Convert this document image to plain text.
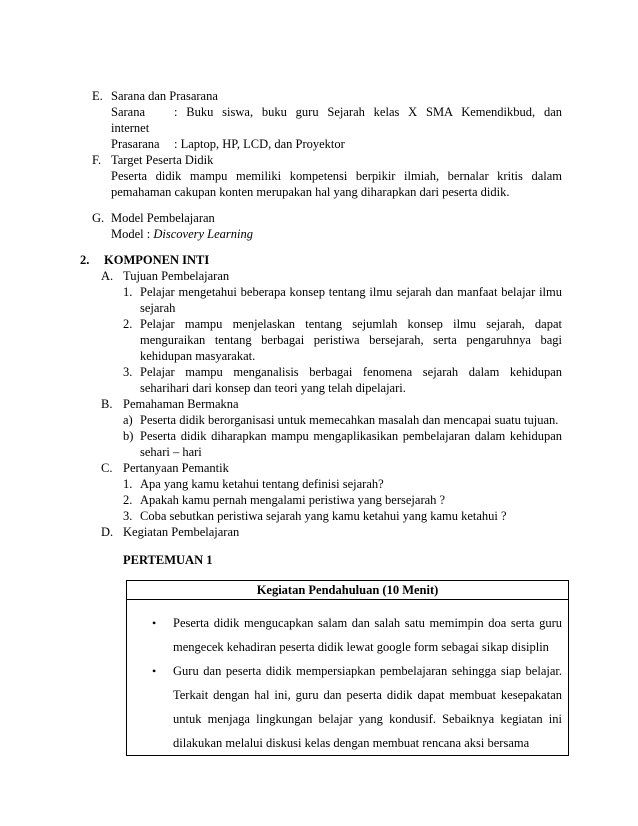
E. Sarana dan Prasarana
Sarana : Buku siswa, buku guru Sejarah kelas X SMA Kemendikbud, dan
internet
Prasarana : Laptop, HP, LCD, dan Proyektor
F. Target Peserta Didik
Peserta didik mampu memiliki kompetensi berpikir ilmiah, bernalar kritis dalam
pemahaman cakupan konten merupakan hal yang diharapkan dari peserta didik.
G. Model Pembelajaran
Model : Discovery Learning
2. KOMPONEN INTI
A. Tujuan Pembelajaran
1. Pelajar mengetahui beberapa konsep tentang ilmu sejarah dan manfaat belajar ilmu
sejarah
2. Pelajar mampu menjelaskan tentang sejumlah konsep ilmu sejarah, dapat
menguraikan tentang berbagai peristiwa bersejarah, serta pengaruhnya bagi
kehidupan masyarakat.
3. Pelajar mampu menganalisis berbagai fenomena sejarah dalam kehidupan
seharihari dari konsep dan teori yang telah dipelajari.
B. Pemahaman Bermakna
a) Peserta didik berorganisasi untuk memecahkan masalah dan mencapai suatu tujuan.
b) Peserta didik diharapkan mampu mengaplikasikan pembelajaran dalam kehidupan
sehari – hari
C. Pertanyaan Pemantik
1. Apa yang kamu ketahui tentang definisi sejarah?
2. Apakah kamu pernah mengalami peristiwa yang bersejarah ?
3. Coba sebutkan peristiwa sejarah yang kamu ketahui yang kamu ketahui ?
D. Kegiatan Pembelajaran
PERTEMUAN 1
Kegiatan Pendahuluan (10 Menit)

• Peserta didik mengucapkan salam dan salah satu memimpin doa serta guru
mengecek kehadiran peserta didik lewat google form sebagai sikap disiplin
• Guru dan peserta didik mempersiapkan pembelajaran sehingga siap belajar.
Terkait dengan hal ini, guru dan peserta didik dapat membuat kesepakatan
untuk menjaga lingkungan belajar yang kondusif. Sebaiknya kegiatan ini
dilakukan melalui diskusi kelas dengan membuat rencana aksi bersama
